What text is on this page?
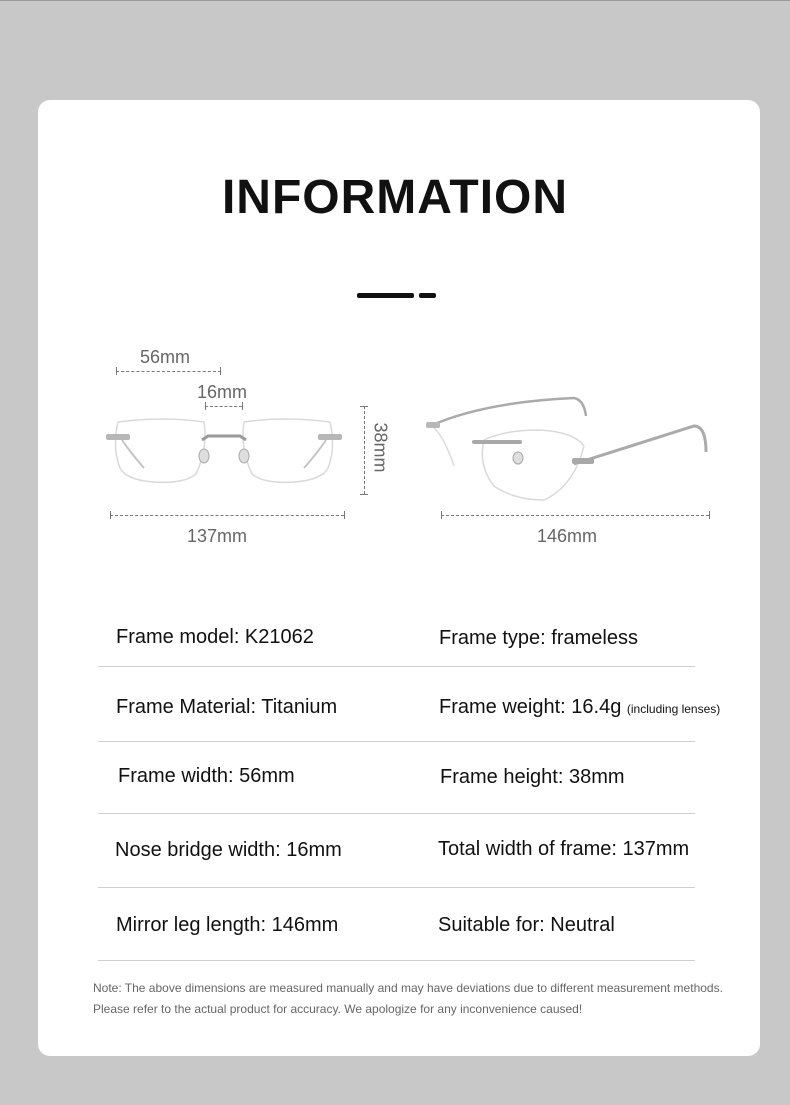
INFORMATION
56mm
16mm
38mm
137mm	146mm
Frame model: K21062	Frame type: frameless
Frame Material: Titanium	Frame weight: 16.4g (including lenses)
Frame width: 56mm	Frame height: 38mm
Nose bridge width: 16mm	Total width of frame: 137mm
Mirror leg length: 146mm	Suitable for: Neutral
Note: The above dimensions are measured manually and may have deviations due to different measurement methods.
Please refer to the actual product for accuracy. We apologize for any inconvenience caused!
